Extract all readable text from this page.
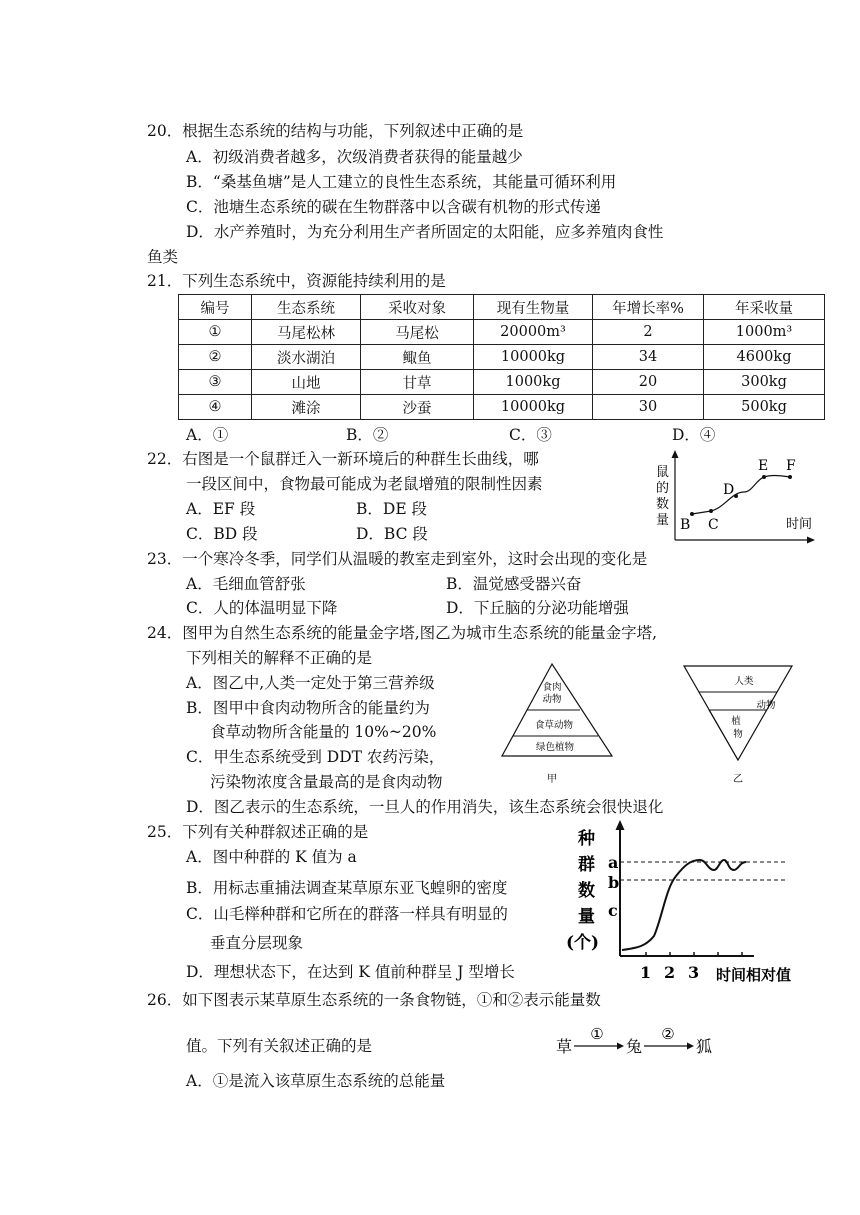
20．根据生态系统的结构与功能，下列叙述中正确的是
A．初级消费者越多，次级消费者获得的能量越少
B．“桑基鱼塘”是人工建立的良性生态系统，其能量可循环利用
C．池塘生态系统的碳在生物群落中以含碳有机物的形式传递
D．水产养殖时，为充分利用生产者所固定的太阳能，应多养殖肉食性
鱼类
21．下列生态系统中，资源能持续利用的是
编号	生态系统	采收对象	现有生物量	年增长率%	年采收量
①	马尾松林	马尾松	20000m³	2	1000m³
②	淡水湖泊	鲰鱼	10000kg	34	4600kg
③	山地	甘草	1000kg	20	300kg
④	滩涂	沙蚕	10000kg	30	500kg
A．①	B．②	C．③	D．④
22．右图是一个鼠群迁入一新环境后的种群生长曲线，哪
一段区间中，食物最可能成为老鼠增殖的限制性因素
A．EF 段	B．DE 段
C．BD 段	D．BC 段
鼠
的
数
量 B C
D
E F
时间
23．一个寒冷冬季，同学们从温暖的教室走到室外，这时会出现的变化是
A．毛细血管舒张	B．温觉感受器兴奋
C．人的体温明显下降	D．下丘脑的分泌功能增强
24．图甲为自然生态系统的能量金字塔,图乙为城市生态系统的能量金字塔,
下列相关的解释不正确的是
A．图乙中,人类一定处于第三营养级
B．图甲中食肉动物所含的能量约为
食草动物所含能量的 10%~20%
C．甲生态系统受到 DDT 农药污染，
污染物浓度含量最高的是食肉动物
D．图乙表示的生态系统，一旦人的作用消失，该生态系统会很快退化
食肉
动物
食草动物
绿色植物
甲
人类
动物
植
物
乙
25．下列有关种群叙述正确的是
A．图中种群的 K 值为 a
B．用标志重捕法调查某草原东亚飞蝗卵的密度
C．山毛榉种群和它所在的群落一样具有明显的
垂直分层现象
D．理想状态下，在达到 K 值前种群呈 J 型增长
种
群
数
量
(个)
a
b
c
1 2 3 时间相对值
26．如下图表示某草原生态系统的一条食物链，①和②表示能量数
值。下列有关叙述正确的是	草
①
兔
②
狐
A．①是流入该草原生态系统的总能量
